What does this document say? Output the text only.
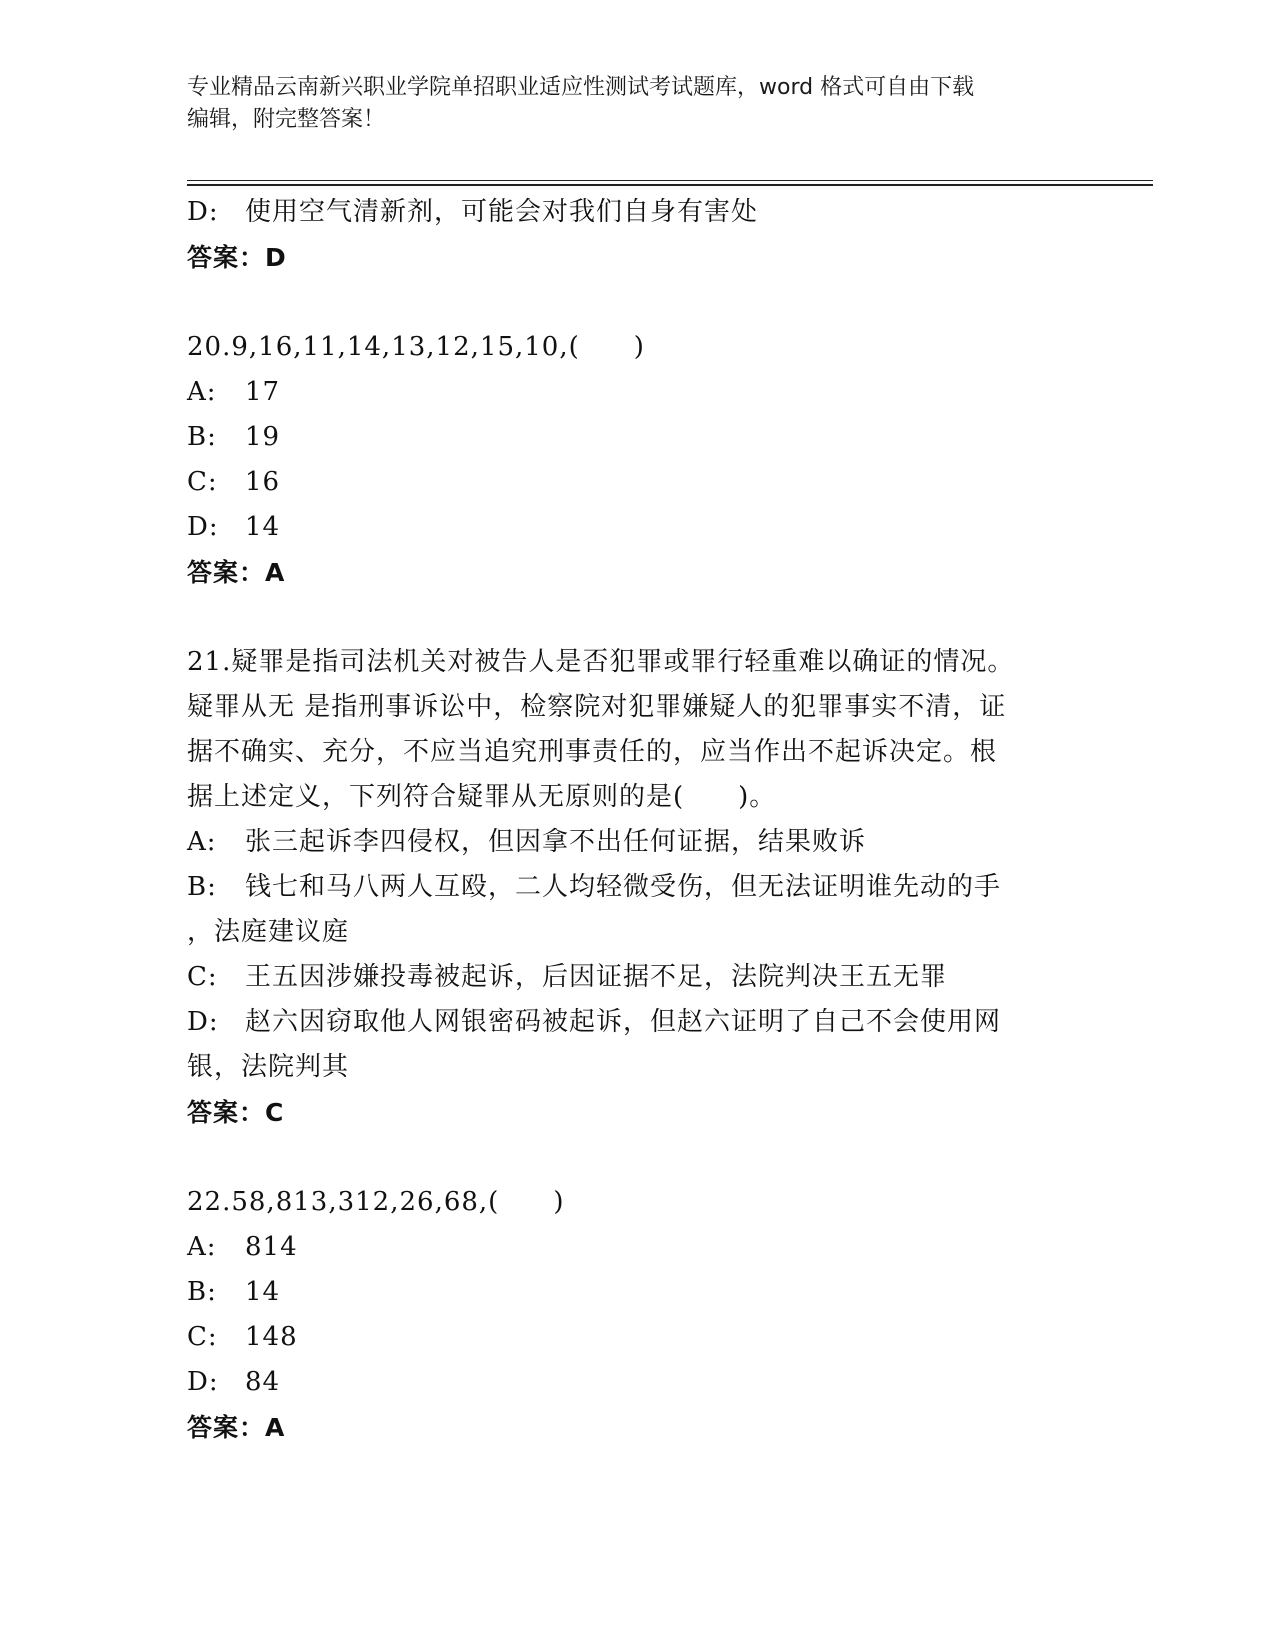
专业精品云南新兴职业学院单招职业适应性测试考试题库，word 格式可自由下载
编辑，附完整答案！
D: 使用空气清新剂，可能会对我们自身有害处
答案：D
20.9,16,11,14,13,12,15,10,(　　)
A: 17
B: 19
C: 16
D: 14
答案：A
21.疑罪是指司法机关对被告人是否犯罪或罪行轻重难以确证的情况。
疑罪从无 是指刑事诉讼中，检察院对犯罪嫌疑人的犯罪事实不清，证
据不确实、充分，不应当追究刑事责任的，应当作出不起诉决定。根
据上述定义，下列符合疑罪从无原则的是(　　)。
A: 张三起诉李四侵权，但因拿不出任何证据，结果败诉
B: 钱七和马八两人互殴，二人均轻微受伤，但无法证明谁先动的手
，法庭建议庭
C: 王五因涉嫌投毒被起诉，后因证据不足，法院判决王五无罪
D: 赵六因窃取他人网银密码被起诉，但赵六证明了自己不会使用网
银，法院判其
答案：C
22.58,813,312,26,68,(　　)
A: 814
B: 14
C: 148
D: 84
答案：A
